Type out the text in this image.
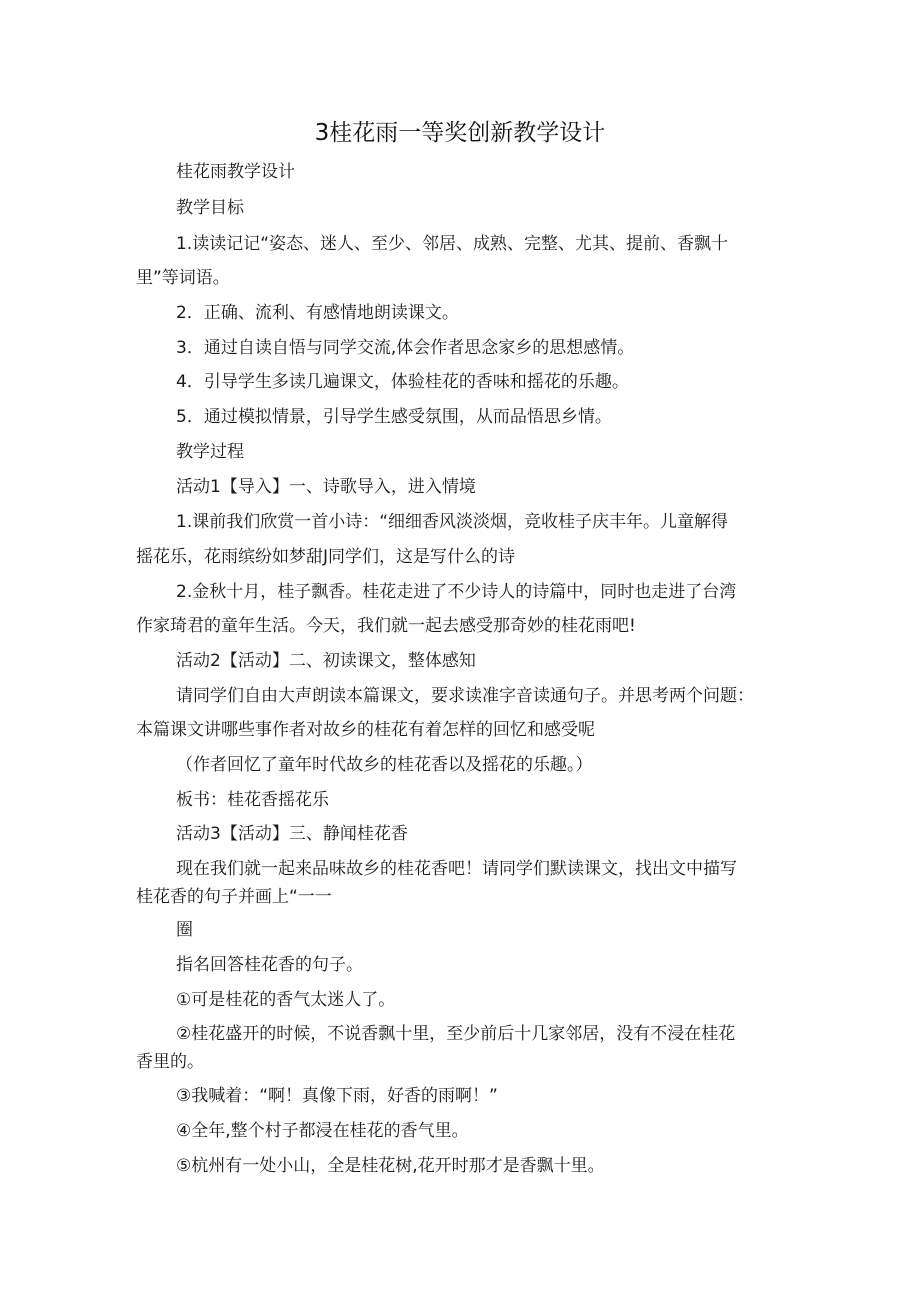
3桂花雨一等奖创新教学设计
桂花雨教学设计
教学目标
1.读读记记“姿态、迷人、至少、邻居、成熟、完整、尤其、提前、香飘十
里”等词语。
2．正确、流利、有感情地朗读课文。
3．通过自读自悟与同学交流,体会作者思念家乡的思想感情。
4．引导学生多读几遍课文，体验桂花的香味和摇花的乐趣。
5．通过模拟情景，引导学生感受氛围，从而品悟思乡情。
教学过程
活动1【导入】一、诗歌导入，进入情境
1.课前我们欣赏一首小诗：“细细香风淡淡烟，竞收桂子庆丰年。儿童解得
摇花乐，花雨缤纷如梦甜J同学们，这是写什么的诗
2.金秋十月，桂子飘香。桂花走进了不少诗人的诗篇中，同时也走进了台湾
作家琦君的童年生活。今天，我们就一起去感受那奇妙的桂花雨吧!
活动2【活动】二、初读课文，整体感知
请同学们自由大声朗读本篇课文，要求读准字音读通句子。并思考两个问题：
本篇课文讲哪些事作者对故乡的桂花有着怎样的回忆和感受呢
（作者回忆了童年时代故乡的桂花香以及摇花的乐趣。）
板书：桂花香摇花乐
活动3【活动】三、静闻桂花香
现在我们就一起来品味故乡的桂花香吧！请同学们默读课文，找出文中描写
桂花香的句子并画上“一一
圈
指名回答桂花香的句子。
①可是桂花的香气太迷人了。
②桂花盛开的时候，不说香飘十里，至少前后十几家邻居，没有不浸在桂花
香里的。
③我喊着：“啊！真像下雨，好香的雨啊！”
④全年,整个村子都浸在桂花的香气里。
⑤杭州有一处小山，全是桂花树,花开时那才是香飘十里。
